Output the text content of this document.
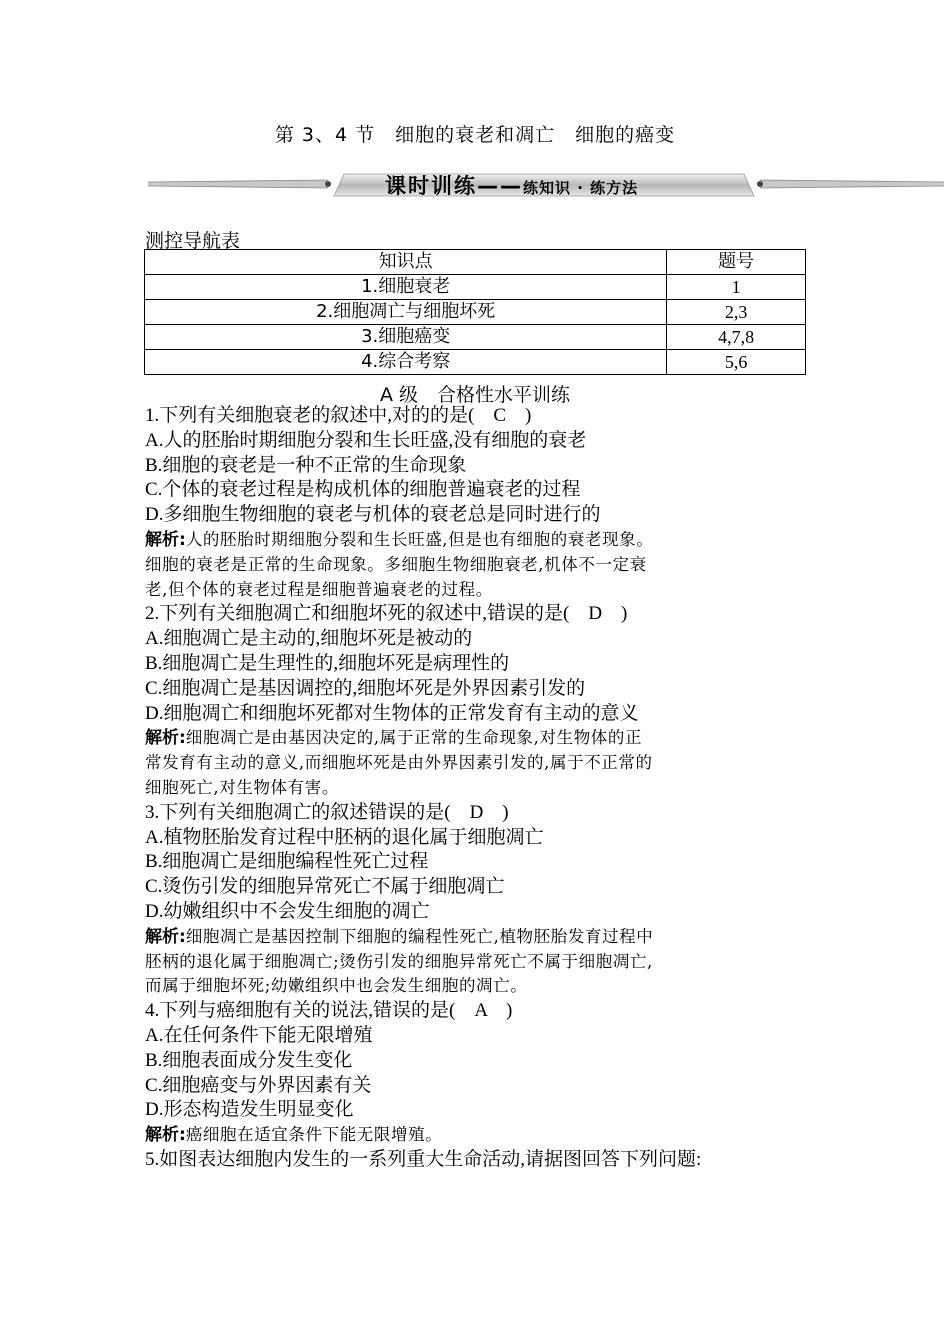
第 3、4 节　细胞的衰老和凋亡　细胞的癌变
课时训练——练知识 · 练方法
测控导航表
知识点	题号
1.细胞衰老	1
2.细胞凋亡与细胞坏死	2,3
3.细胞癌变	4,7,8
4.综合考察	5,6
A 级　合格性水平训练
1.下列有关细胞衰老的叙述中,对的的是(　C　)
A.人的胚胎时期细胞分裂和生长旺盛,没有细胞的衰老
B.细胞的衰老是一种不正常的生命现象
C.个体的衰老过程是构成机体的细胞普遍衰老的过程
D.多细胞生物细胞的衰老与机体的衰老总是同时进行的
解析:人的胚胎时期细胞分裂和生长旺盛,但是也有细胞的衰老现象。
细胞的衰老是正常的生命现象。多细胞生物细胞衰老,机体不一定衰
老,但个体的衰老过程是细胞普遍衰老的过程。
2.下列有关细胞凋亡和细胞坏死的叙述中,错误的是(　D　)
A.细胞凋亡是主动的,细胞坏死是被动的
B.细胞凋亡是生理性的,细胞坏死是病理性的
C.细胞凋亡是基因调控的,细胞坏死是外界因素引发的
D.细胞凋亡和细胞坏死都对生物体的正常发育有主动的意义
解析:细胞凋亡是由基因决定的,属于正常的生命现象,对生物体的正
常发育有主动的意义,而细胞坏死是由外界因素引发的,属于不正常的
细胞死亡,对生物体有害。
3.下列有关细胞凋亡的叙述错误的是(　D　)
A.植物胚胎发育过程中胚柄的退化属于细胞凋亡
B.细胞凋亡是细胞编程性死亡过程
C.烫伤引发的细胞异常死亡不属于细胞凋亡
D.幼嫩组织中不会发生细胞的凋亡
解析:细胞凋亡是基因控制下细胞的编程性死亡,植物胚胎发育过程中
胚柄的退化属于细胞凋亡;烫伤引发的细胞异常死亡不属于细胞凋亡,
而属于细胞坏死;幼嫩组织中也会发生细胞的凋亡。
4.下列与癌细胞有关的说法,错误的是(　A　)
A.在任何条件下能无限增殖
B.细胞表面成分发生变化
C.细胞癌变与外界因素有关
D.形态构造发生明显变化
解析:癌细胞在适宜条件下能无限增殖。
5.如图表达细胞内发生的一系列重大生命活动,请据图回答下列问题:
